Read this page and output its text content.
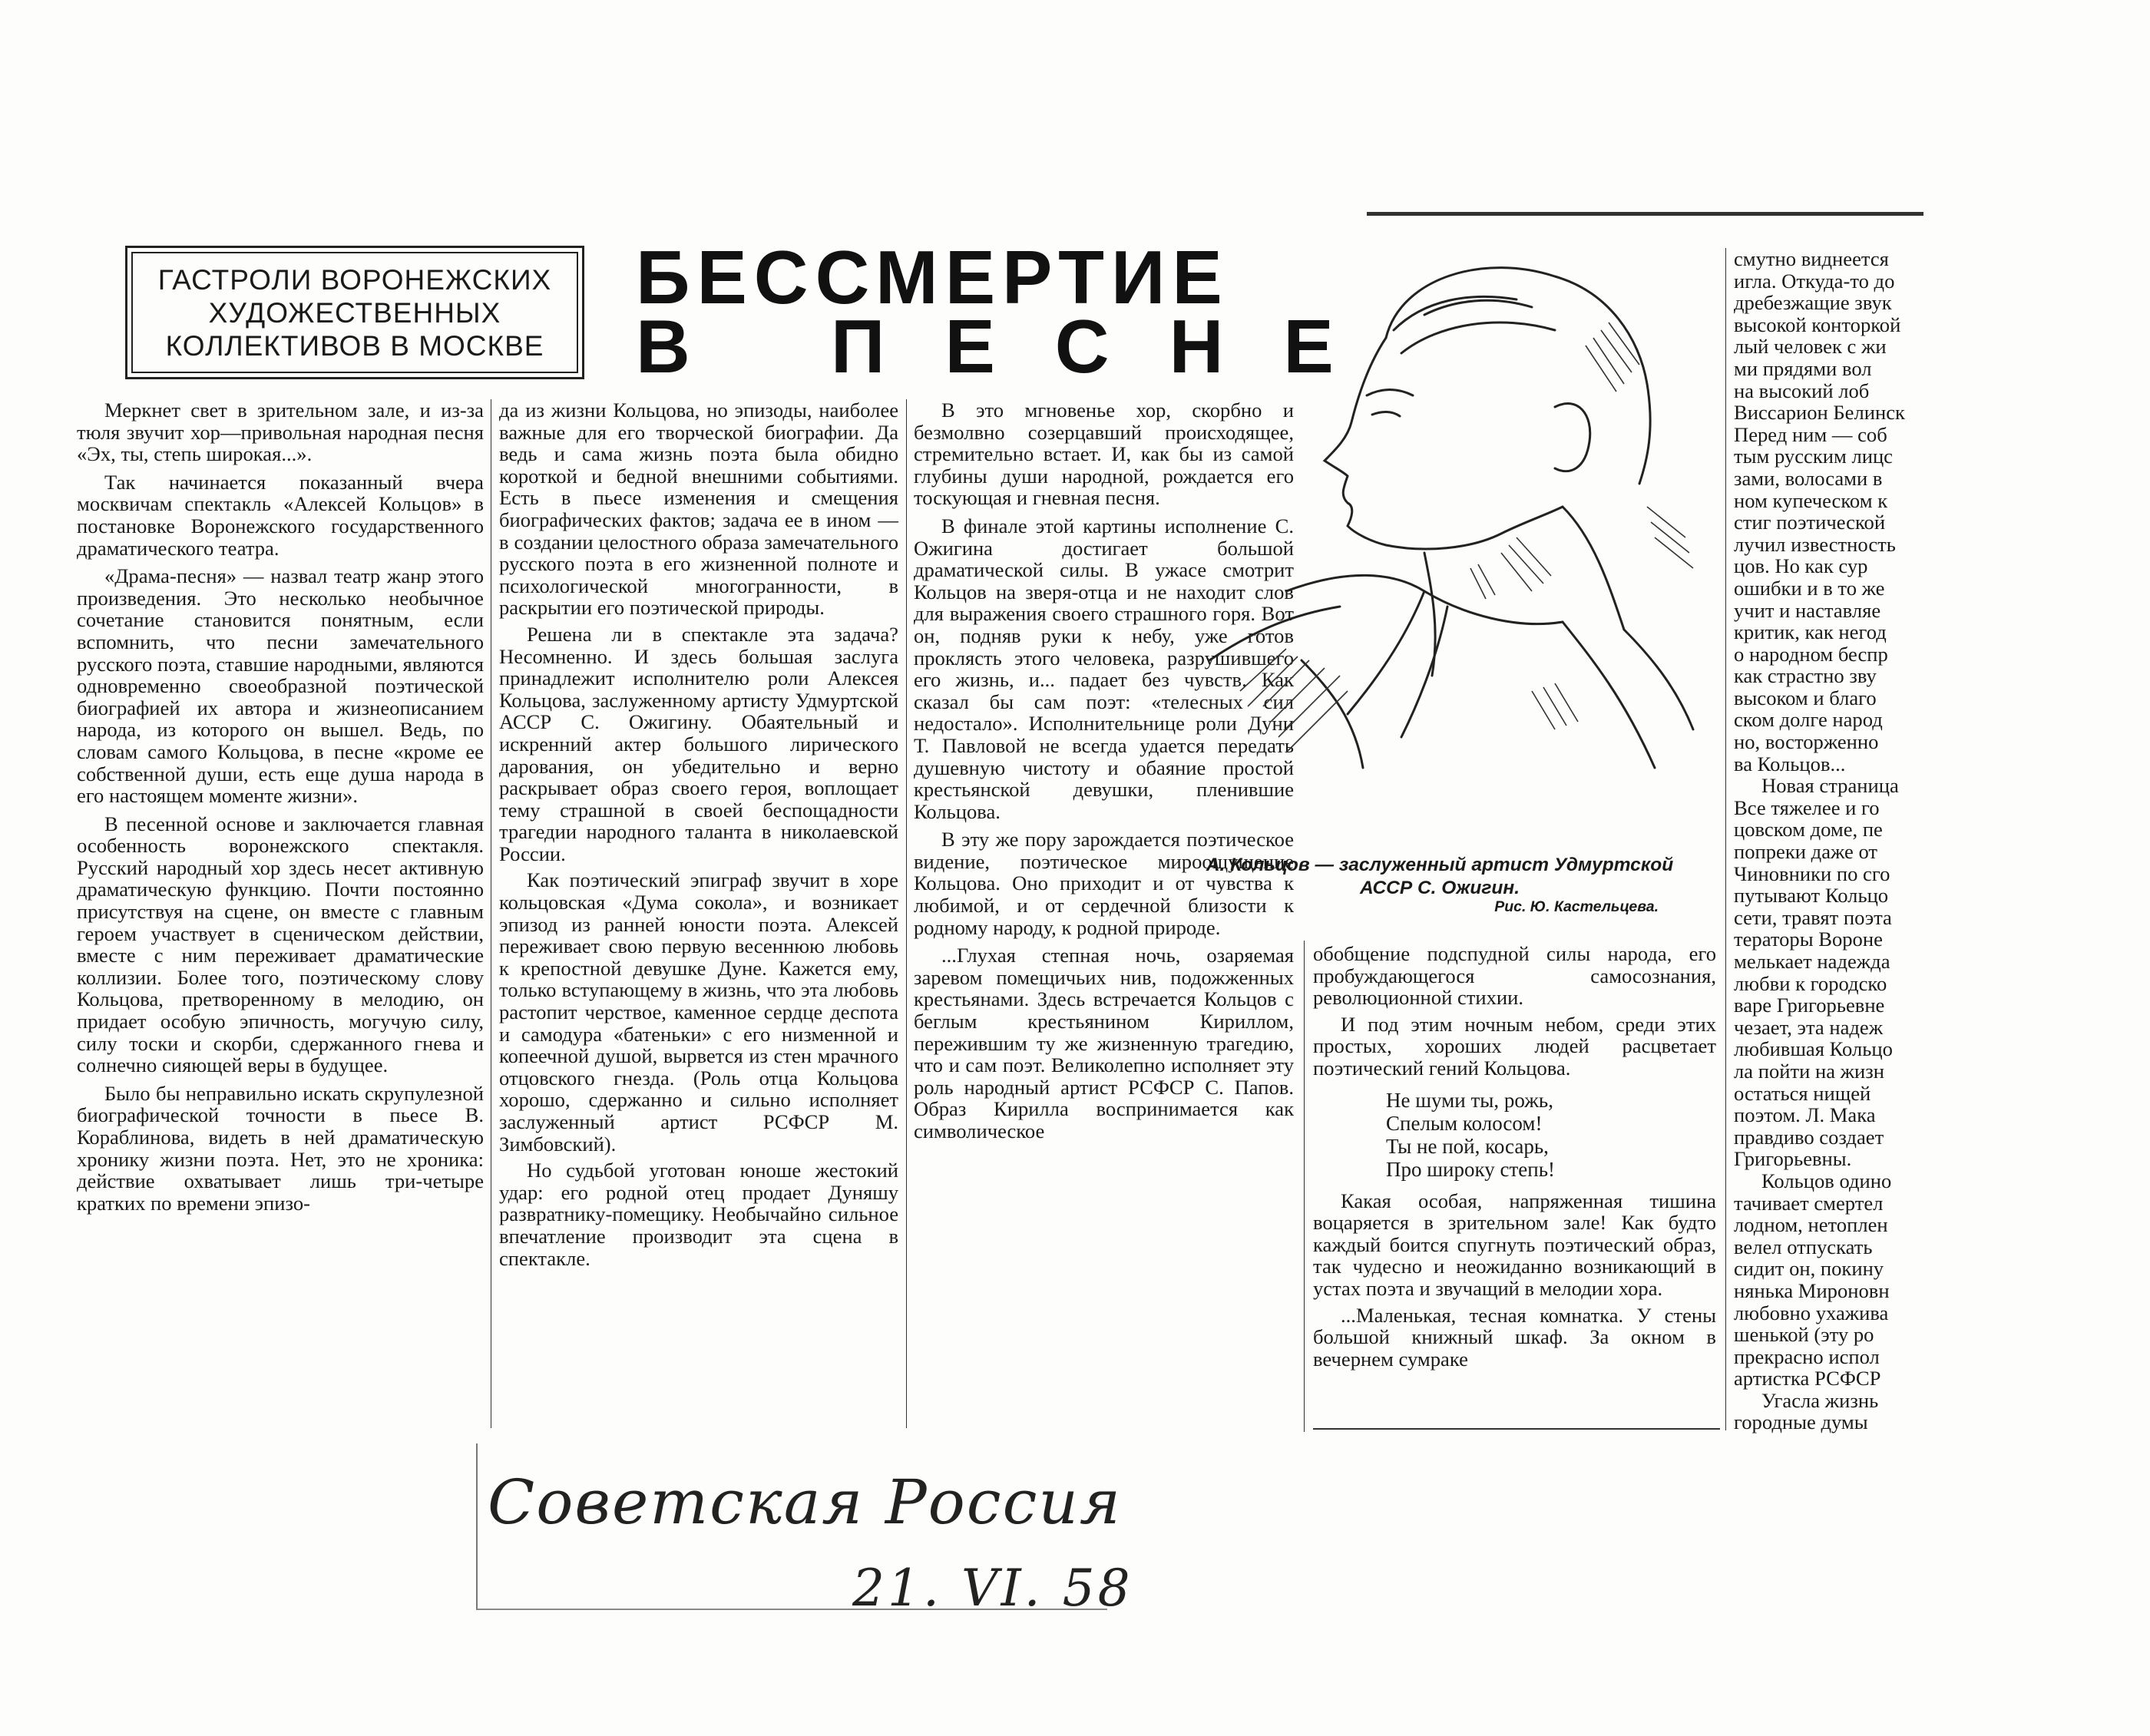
ГАСТРОЛИ ВОРОНЕЖСКИХ
ХУДОЖЕСТВЕННЫХ
КОЛЛЕКТИВОВ В МОСКВЕ
БЕССМЕРТИЕ
В ПЕСНЕ

Меркнет свет в зрительном зале, и из-за тюля звучит хор—привольная народная песня «Эх, ты, степь широкая...».

Так начинается показанный вчера москвичам спектакль «Алексей Кольцов» в постановке Воронежского государственного драматического театра.

«Драма-песня» — назвал театр жанр этого произведения. Это несколько необычное сочетание становится понятным, если вспомнить, что песни замечательного русского поэта, ставшие народными, являются одновременно своеобразной поэтической биографией их автора и жизнеописанием народа, из которого он вышел. Ведь, по словам самого Кольцова, в песне «кроме ее собственной души, есть еще душа народа в его настоящем моменте жизни».

В песенной основе и заключается главная особенность воронежского спектакля. Русский народный хор здесь несет активную драматическую функцию. Почти постоянно присутствуя на сцене, он вместе с главным героем участвует в сценическом действии, вместе с ним переживает драматические коллизии. Более того, поэтическому слову Кольцова, претворенному в мелодию, он придает особую эпичность, могучую силу, силу тоски и скорби, сдержанного гнева и солнечно сияющей веры в будущее.

Было бы неправильно искать скрупулезной биографической точности в пьесе В. Кораблинова, видеть в ней драматическую хронику жизни поэта. Нет, это не хроника: действие охватывает лишь три-четыре кратких по времени эпизо-

да из жизни Кольцова, но эпизоды, наиболее важные для его творческой биографии. Да ведь и сама жизнь поэта была обидно короткой и бедной внешними событиями. Есть в пьесе изменения и смещения биографических фактов; задача ее в ином — в создании целостного образа замечательного русского поэта в его жизненной полноте и психологической многогранности, в раскрытии его поэтической природы.

Решена ли в спектакле эта задача? Несомненно. И здесь большая заслуга принадлежит исполнителю роли Алексея Кольцова, заслуженному артисту Удмуртской АССР С. Ожигину. Обаятельный и искренний актер большого лирического дарования, он убедительно и верно раскрывает образ своего героя, воплощает тему страшной в своей беспощадности трагедии народного таланта в николаевской России.

Как поэтический эпиграф звучит в хоре кольцовская «Дума сокола», и возникает эпизод из ранней юности поэта. Алексей переживает свою первую весеннюю любовь к крепостной девушке Дуне. Кажется ему, только вступающему в жизнь, что эта любовь растопит черствое, каменное сердце деспота и самодура «батеньки» с его низменной и копеечной душой, вырвется из стен мрачного отцовского гнезда. (Роль отца Кольцова хорошо, сдержанно и сильно исполняет заслуженный артист РСФСР М. Зимбовский).

Но судьбой уготован юноше жестокий удар: его родной отец продает Дуняшу развратнику-помещику. Необычайно сильное впечатление производит эта сцена в спектакле.

В это мгновенье хор, скорбно и безмолвно созерцавший происходящее, стремительно встает. И, как бы из самой глубины души народной, рождается его тоскующая и гневная песня.

В финале этой картины исполнение С. Ожигина достигает большой драматической силы. В ужасе смотрит Кольцов на зверя-отца и не находит слов для выражения своего страшного горя. Вот он, подняв руки к небу, уже готов проклясть этого человека, разрушившего его жизнь, и... падает без чувств. Как сказал бы сам поэт: «телесных сил недостало». Исполнительнице роли Дуни Т. Павловой не всегда удается передать душевную чистоту и обаяние простой крестьянской девушки, пленившие Кольцова.

В эту же пору зарождается поэтическое видение, поэтическое мироощущение Кольцова. Оно приходит и от чувства к любимой, и от сердечной близости к родному народу, к родной природе.

...Глухая степная ночь, озаряемая заревом помещичьих нив, подожженных крестьянами. Здесь встречается Кольцов с беглым крестьянином Кириллом, пережившим ту же жизненную трагедию, что и сам поэт. Великолепно исполняет эту роль народный артист РСФСР С. Папов. Образ Кирилла воспринимается как символическое

А. Кольцов — заслуженный артист Удмуртской АССР С. Ожигин.
Рис. Ю. Кастельцева.

обобщение подспудной силы народа, его пробуждающегося самосознания, революционной стихии.

И под этим ночным небом, среди этих простых, хороших людей расцветает поэтический гений Кольцова.

Не шуми ты, рожь,
Спелым колосом!
Ты не пой, косарь,
Про широку степь!

Какая особая, напряженная тишина воцаряется в зрительном зале! Как будто каждый боится спугнуть поэтический образ, так чудесно и неожиданно возникающий в устах поэта и звучащий в мелодии хора.

...Маленькая, тесная комнатка. У стены большой книжный шкаф. За окном в вечернем сумраке

смутно виднеется

игла. Откуда-то до

дребезжащие звук

высокой конторкой

лый человек с жи

ми прядями вол

на высокий лоб

Виссарион Белинск

Перед ним — соб

тым русским лицс

зами, волосами в

ном купеческом к

стиг поэтической

лучил известность

цов. Но как сур

ошибки и в то же

учит и наставляе

критик, как негод

о народном беспр

как страстно зву

высоком и благо

ском долге народ

но, восторженно

ва Кольцов...

Новая страница

Все тяжелее и го

цовском доме, пе

попреки даже от

Чиновники по сго

путывают Кольцо

сети, травят поэта

тераторы Вороне

мелькает надежда

любви к городско

варе Григорьевне

чезает, эта надеж

любившая Кольцо

ла пойти на жизн

остаться нищей

поэтом. Л. Мака

правдиво создает

Григорьевны.

Кольцов одино

тачивает смертел

лодном, нетоплен

велел отпускать

сидит он, покину

нянька Мироновн

любовно ухажива

шенькой (эту ро

прекрасно испол

артистка РСФСР

Угасла жизнь

городные думы

Советская Россия
21. VI. 58
